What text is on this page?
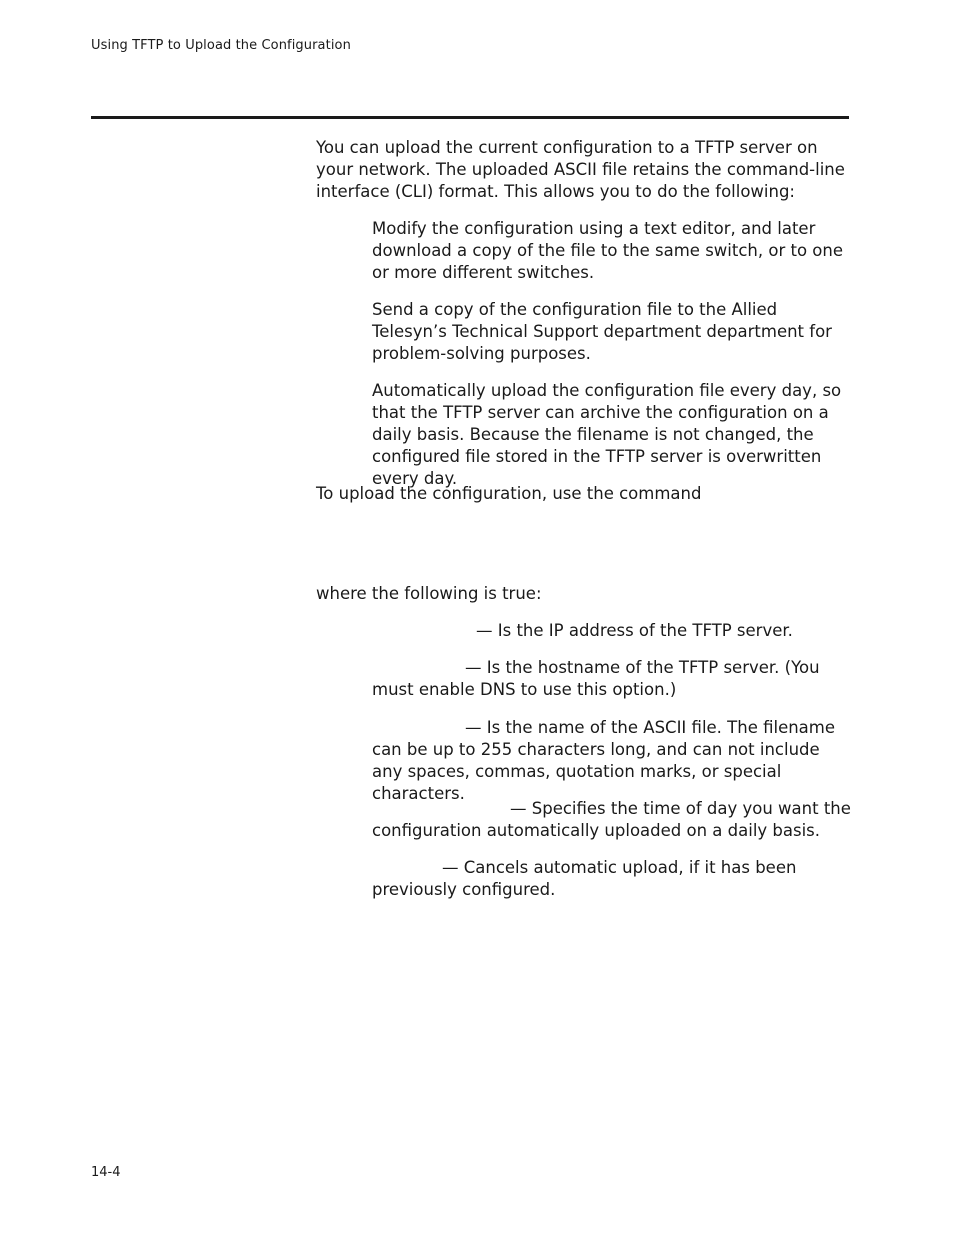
Using TFTP to Upload the Configuration

You can upload the current configuration to a TFTP server on your network. The uploaded ASCII file retains the command-line interface (CLI) format. This allows you to do the following:

Modify the configuration using a text editor, and later download a copy of the file to the same switch, or to one or more different switches.

Send a copy of the configuration file to the Allied Telesyn’s Technical Support department department for problem-solving purposes.

Automatically upload the configuration file every day, so that the TFTP server can archive the configuration on a daily basis. Because the filename is not changed, the configured file stored in the TFTP server is overwritten every day.

To upload the configuration, use the command

where the following is true:

— Is the IP address of the TFTP server.

— Is the hostname of the TFTP server. (You must enable DNS to use this option.)

— Is the name of the ASCII file. The filename can be up to 255 characters long, and can not include any spaces, commas, quotation marks, or special characters.

— Specifies the time of day you want the configuration automatically uploaded on a daily basis.

— Cancels automatic upload, if it has been previously configured.

14-4
